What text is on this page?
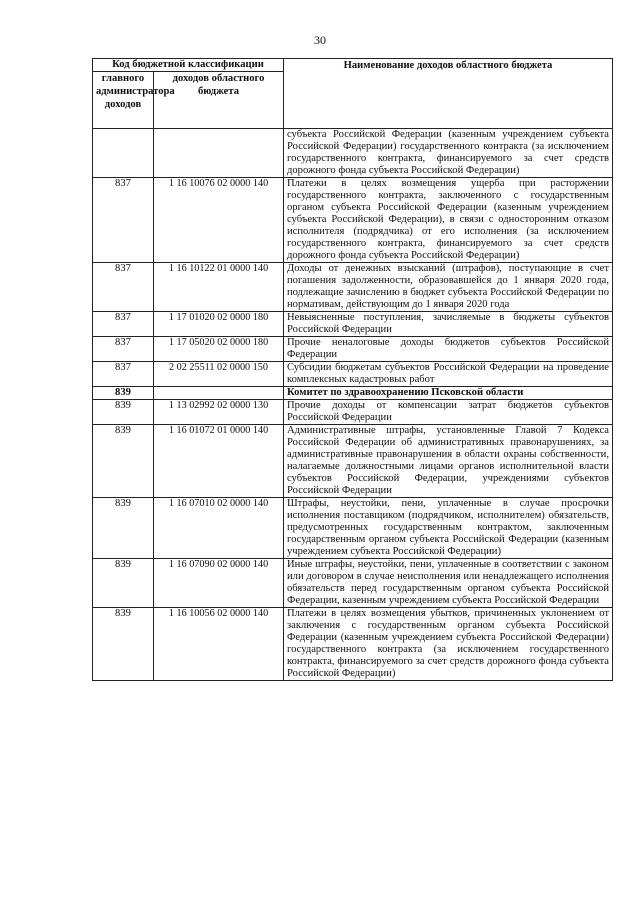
30
Код бюджетной классификации		Наименование доходов областного бюджета
главного администратора доходов	доходов областного бюджета	
		субъекта Российской Федерации (казенным учреждением субъекта Российской Федерации) государственного контракта (за исключением государственного контракта, финансируемого за счет средств дорожного фонда субъекта Российской Федерации)
837	1 16 10076 02 0000 140	Платежи в целях возмещения ущерба при расторжении государственного контракта, заключенного с государственным органом субъекта Российской Федерации (казенным учреждением субъекта Российской Федерации), в связи с односторонним отказом исполнителя (подрядчика) от его исполнения (за исключением государственного контракта, финансируемого за счет средств дорожного фонда субъекта Российской Федерации)
837	1 16 10122 01 0000 140	Доходы от денежных взысканий (штрафов), поступающие в счет погашения задолженности, образовавшейся до 1 января 2020 года, подлежащие зачислению в бюджет субъекта Российской Федерации по нормативам, действующим до 1 января 2020 года
837	1 17 01020 02 0000 180	Невыясненные поступления, зачисляемые в бюджеты субъектов Российской Федерации
837	1 17 05020 02 0000 180	Прочие неналоговые доходы бюджетов субъектов Российской Федерации
837	2 02 25511 02 0000 150	Субсидии бюджетам субъектов Российской Федерации на проведение комплексных кадастровых работ
839		Комитет по здравоохранению Псковской области
839	1 13 02992 02 0000 130	Прочие доходы от компенсации затрат бюджетов субъектов Российской Федерации
839	1 16 01072 01 0000 140	Административные штрафы, установленные Главой 7 Кодекса Российской Федерации об административных правонарушениях, за административные правонарушения в области охраны собственности, налагаемые должностными лицами органов исполнительной власти субъектов Российской Федерации, учреждениями субъектов Российской Федерации
839	1 16 07010 02 0000 140	Штрафы, неустойки, пени, уплаченные в случае просрочки исполнения поставщиком (подрядчиком, исполнителем) обязательств, предусмотренных государственным контрактом, заключенным государственным органом субъекта Российской Федерации (казенным учреждением субъекта Российской Федерации)
839	1 16 07090 02 0000 140	Иные штрафы, неустойки, пени, уплаченные в соответствии с законом или договором в случае неисполнения или ненадлежащего исполнения обязательств перед государственным органом субъекта Российской Федерации, казенным учреждением субъекта Российской Федерации
839	1 16 10056 02 0000 140	Платежи в целях возмещения убытков, причиненных уклонением от заключения с государственным органом субъекта Российской Федерации (казенным учреждением субъекта Российской Федерации) государственного контракта (за исключением государственного контракта, финансируемого за счет средств дорожного фонда субъекта Российской Федерации)
